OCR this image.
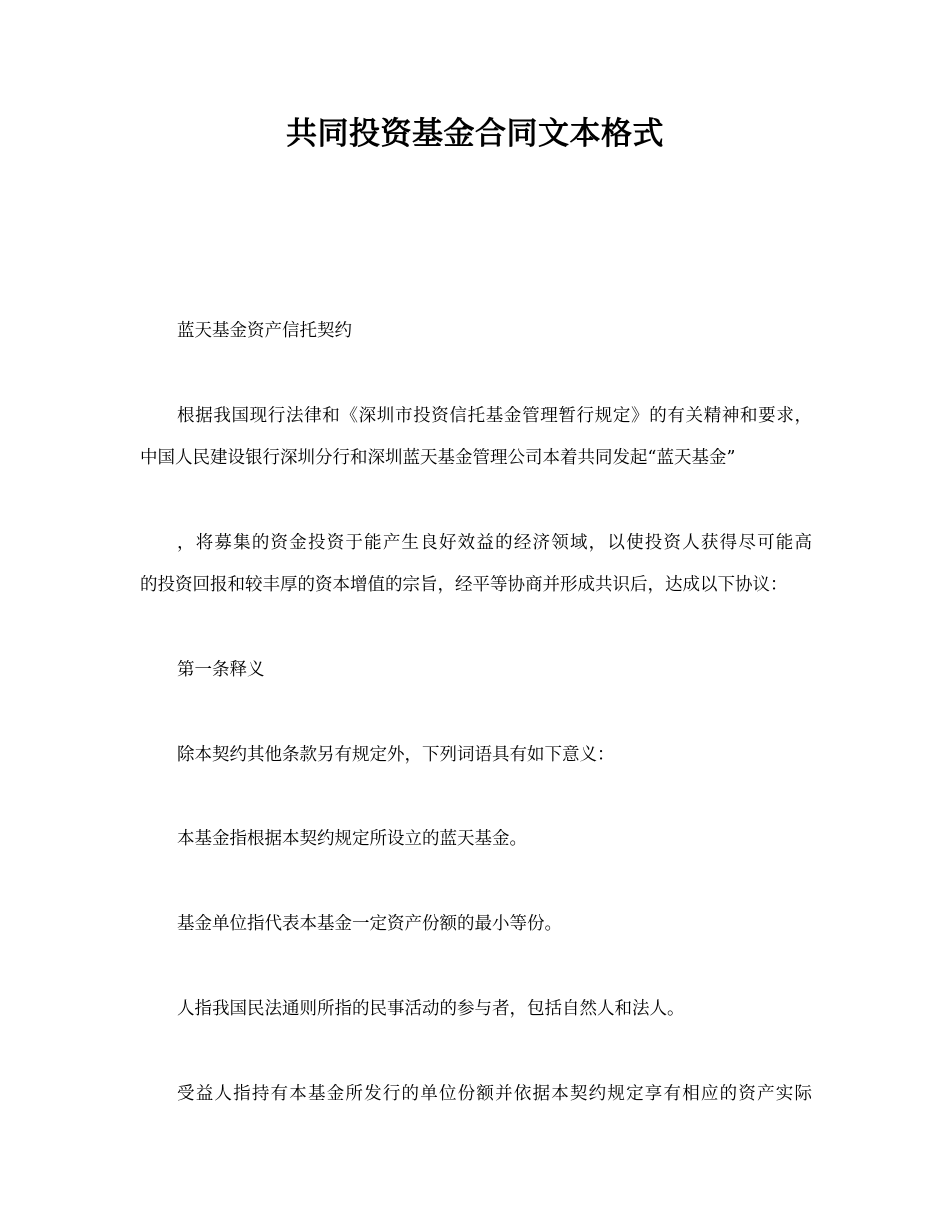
共同投资基金合同文本格式

蓝天基金资产信托契约

根据我国现行法律和《深圳市投资信托基金管理暂行规定》的有关精神和要求，
中国人民建设银行深圳分行和深圳蓝天基金管理公司本着共同发起“蓝天基金”

，将募集的资金投资于能产生良好效益的经济领域，以使投资人获得尽可能高
的投资回报和较丰厚的资本增值的宗旨，经平等协商并形成共识后，达成以下协议：

第一条释义

除本契约其他条款另有规定外，下列词语具有如下意义：

本基金指根据本契约规定所设立的蓝天基金。

基金单位指代表本基金一定资产份额的最小等份。

人指我国民法通则所指的民事活动的参与者，包括自然人和法人。

受益人指持有本基金所发行的单位份额并依据本契约规定享有相应的资产实际
